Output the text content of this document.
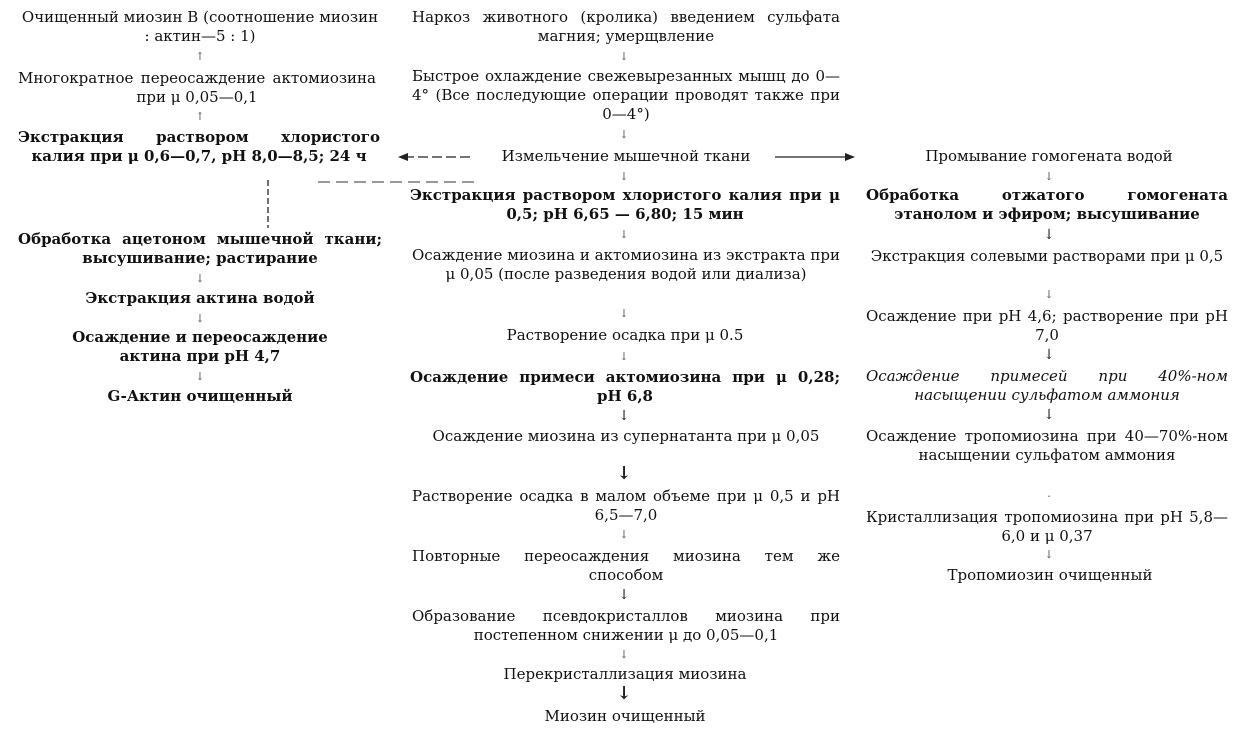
Очищенный миозин В (соотношение миозин : актин—5 : 1)
↑
Многократное переосаждение актомиозина при μ 0,05—0,1
↑
Экстракция раствором хлористого калия при μ 0,6—0,7, pH 8,0—8,5; 24 ч
Обработка ацетоном мышечной ткани; высушивание; растирание
↓
Экстракция актина водой
↓
Осаждение и переосаждение актина при pH 4,7
↓
G-Актин очищенный
Наркоз животного (кролика) введением сульфата магния; умерщвление
↓
Быстрое охлаждение свежевырезанных мышц до 0—4° (Все последующие операции проводят также при 0—4°)
↓
Измельчение мышечной ткани
↓
Экстракция раствором хлористого калия при μ 0,5; pH 6,65 — 6,80; 15 мин
↓
Осаждение миозина и актомиозина из экстракта при μ 0,05 (после разведения водой или диализа)
↓
Растворение осадка при μ 0.5
↓
Осаждение примеси актомиозина при μ 0,28; pH 6,8
↓
Осаждение миозина из супернатанта при μ 0,05
↓
Растворение осадка в малом объеме при μ 0,5 и pH 6,5—7,0
↓
Повторные переосаждения миозина тем же способом
↓
Образование псевдокристаллов миозина при постепенном снижении μ до 0,05—0,1
↓
Перекристаллизация миозина
↓
Миозин очищенный
Промывание гомогената водой
↓
Обработка отжатого гомогената этанолом и эфиром; высушивание
↓
Экстракция солевыми растворами при μ 0,5
↓
Осаждение при pH 4,6; растворение при pH 7,0
↓
Осаждение примесей при 40%-ном насыщении сульфатом аммония
↓
Осаждение тропомиозина при 40—70%-ном насыщении сульфатом аммония
·
Кристаллизация тропомиозина при pH 5,8—6,0 и μ 0,37
↓
Тропомиозин очищенный
